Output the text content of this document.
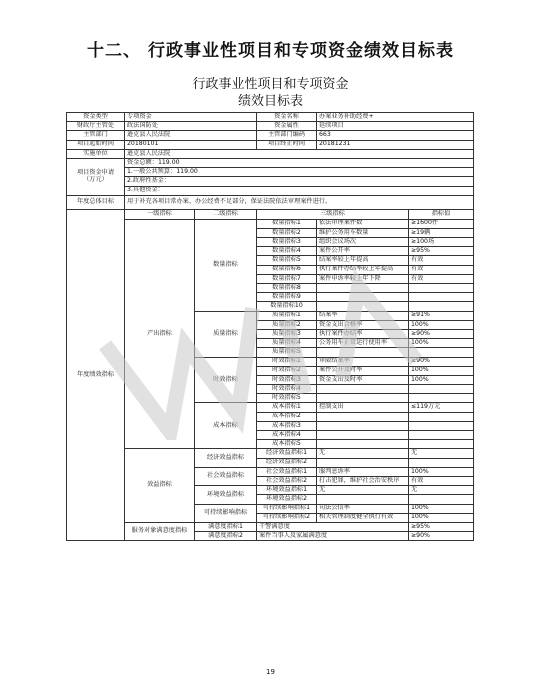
十二、 行政事业性项目和专项资金绩效目标表
行政事业性项目和专项资金
绩效目标表
资金类型	专项资金		资金名称	办案业务补助经费+	
财政厅主管处	政法国防处		资金属性	延续项目	
主管部门	逊克县人民法院		主管部门编码	663	
项目起始时间	20180101		项目终止时间	20181231	
实施单位	逊克县人民法院				
项目资金申请
（万元）	资金总额：119.00				
	1.一般公共预算：119.00				
	2.政府性基金：				
	3.其他资金：				
年度总体目标	用于补充各项目常办案、办公经费不足部分，保证法院依法审理案件进行。				
年度绩效指标	一级指标	二级指标	三级指标		指标值
	产出指标	数量指标	数量指标1	依法审理案件数	≥1600件
			数量指标2	维护公务用车数量	≥19辆
			数量指标3	组织会议场次	≥100场
			数量指标4	案件公开率	≥95%
			数量指标5	结案率较上年提高	有效
			数量指标6	执行案件办结率较上年提高	有效
			数量指标7	案件申诉率较上年下降	有效
			数量指标8		
			数量指标9		
			数量指标10		
		质量指标	质量指标1	结案率	≥91%
			质量指标2	资金支出合格率	100%
			质量指标3	执行案件办结率	≥90%
			质量指标4	公务用车正常运行使用率	100%
			质量指标5		
		时效指标	时效指标1	审限结案率	≥90%
			时效指标2	案件公开及时率	100%
			时效指标3	资金支出及时率	100%
			时效指标4		
			时效指标5		
		成本指标	成本指标1	控制支出	≤119万元
			成本指标2		
			成本指标3		
			成本指标4		
			成本指标5		
	效益指标	经济效益指标	经济效益指标1	无	无
			经济效益指标2		
		社会效益指标	社会效益指标1	服判息诉率	100%
			社会效益指标2	打击犯罪，维护社会治安秩序	有效
		环境效益指标	环境效益指标1	无	无
			环境效益指标2		
		可持续影响指标	可持续影响指标1	司法公信率	100%
			可持续影响指标2	相关管理制度健全执行有效	100%
	服务对象满意度指标	满意度指标1	干警满意度		≥95%
		满意度指标2	案件当事人及家属满意度		≥90%
19
